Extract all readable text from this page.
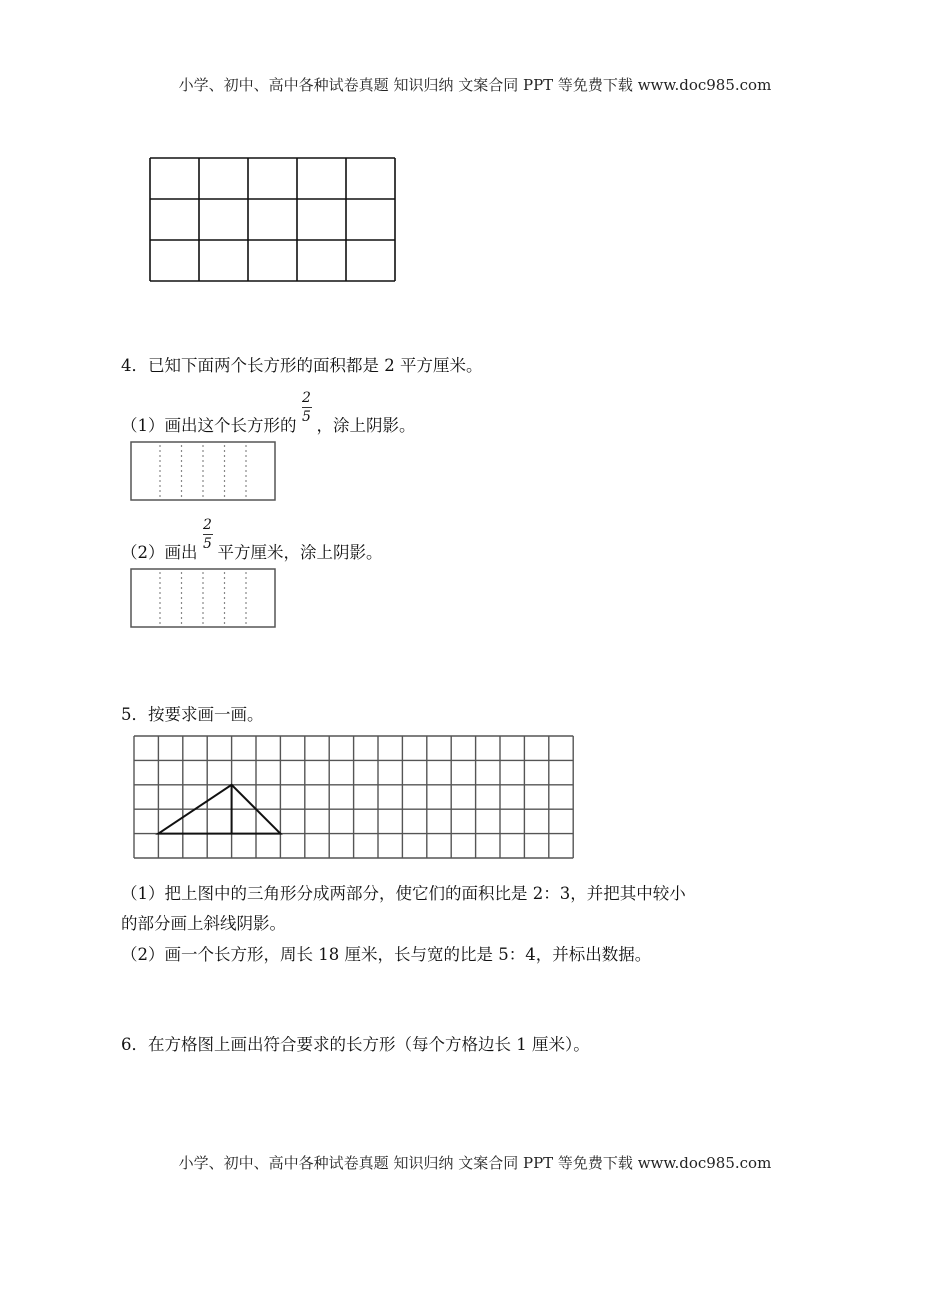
小学、初中、高中各种试卷真题 知识归纳 文案合同 PPT 等免费下载 www.doc985.com
4．已知下面两个长方形的面积都是 2 平方厘米。
（1）画出这个长方形的 $\frac{2}{5}$ ，涂上阴影。
（2）画出 $\frac{2}{5}$ 平方厘米，涂上阴影。
5．按要求画一画。
（1）把上图中的三角形分成两部分，使它们的面积比是 2：3，并把其中较小
的部分画上斜线阴影。
（2）画一个长方形，周长 18 厘米，长与宽的比是 5：4，并标出数据。
6．在方格图上画出符合要求的长方形（每个方格边长 1 厘米）。
小学、初中、高中各种试卷真题 知识归纳 文案合同 PPT 等免费下载 www.doc985.com
